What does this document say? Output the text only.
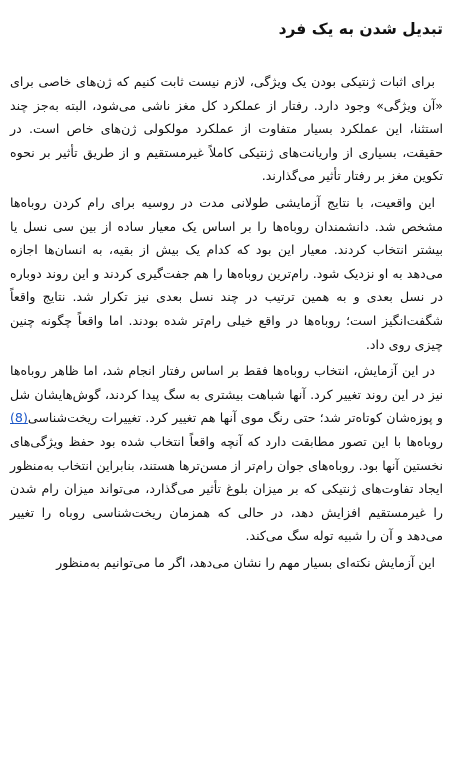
تبدیل شدن به یک فرد

برای اثبات ژنتیکی بودن یک ویژگی، لازم نیست ثابت کنیم که ژن‌های خاصی برای «آن ویژگی» وجود دارد. رفتار از عملکرد کل مغز ناشی می‌شود، البته به‌جز چند استثنا، این عملکرد بسیار متفاوت از عملکرد مولکولی ژن‌های خاص است. در حقیقت، بسیاری از واریانت‌های ژنتیکی کاملاً غیرمستقیم و از طریق تأثیر بر نحوه تکوین مغز بر رفتار تأثیر می‌گذارند.

این واقعیت، با نتایج آزمایشی طولانی مدت در روسیه برای رام کردن روباه‌ها مشخص شد. دانشمندان روباه‌ها را بر اساس یک معیار ساده از بین سی نسل یا بیشتر انتخاب کردند. معیار این بود که کدام یک بیش از بقیه، به انسان‌ها اجازه می‌دهد به او نزدیک شود. رام‌ترین روباه‌ها را هم جفت‌گیری کردند و این روند دوباره در نسل بعدی و به همین ترتیب در چند نسل بعدی نیز تکرار شد. نتایج واقعاً شگفت‌انگیز است؛ روباه‌ها در واقع خیلی رام‌تر شده بودند. اما واقعاً چگونه چنین چیزی روی داد.

در این آزمایش، انتخاب روباه‌ها فقط بر اساس رفتار انجام شد، اما ظاهر روباه‌ها نیز در این روند تغییر کرد. آنها شباهت بیشتری به سگ پیدا کردند، گوش‌هایشان شل و پوزه‌شان کوتاه‌تر شد؛ حتی رنگ موی آنها هم تغییر کرد. تغییرات ریخت‌شناسی(8) روباه‌ها با این تصور مطابقت دارد که آنچه واقعاً انتخاب شده بود حفظ ویژگی‌های نخستین آنها بود. روباه‌های جوان رام‌تر از مسن‌ترها هستند، بنابراین انتخاب به‌منظور ایجاد تفاوت‌های ژنتیکی که بر میزان بلوغ تأثیر می‌گذارد، می‌تواند میزان رام شدن را غیرمستقیم افزایش دهد، در حالی که همزمان ریخت‌شناسی روباه را تغییر می‌دهد و آن را شبیه توله سگ می‌کند.

این آزمایش نکته‌ای بسیار مهم را نشان می‌دهد، اگر ما می‌توانیم به‌منظور
